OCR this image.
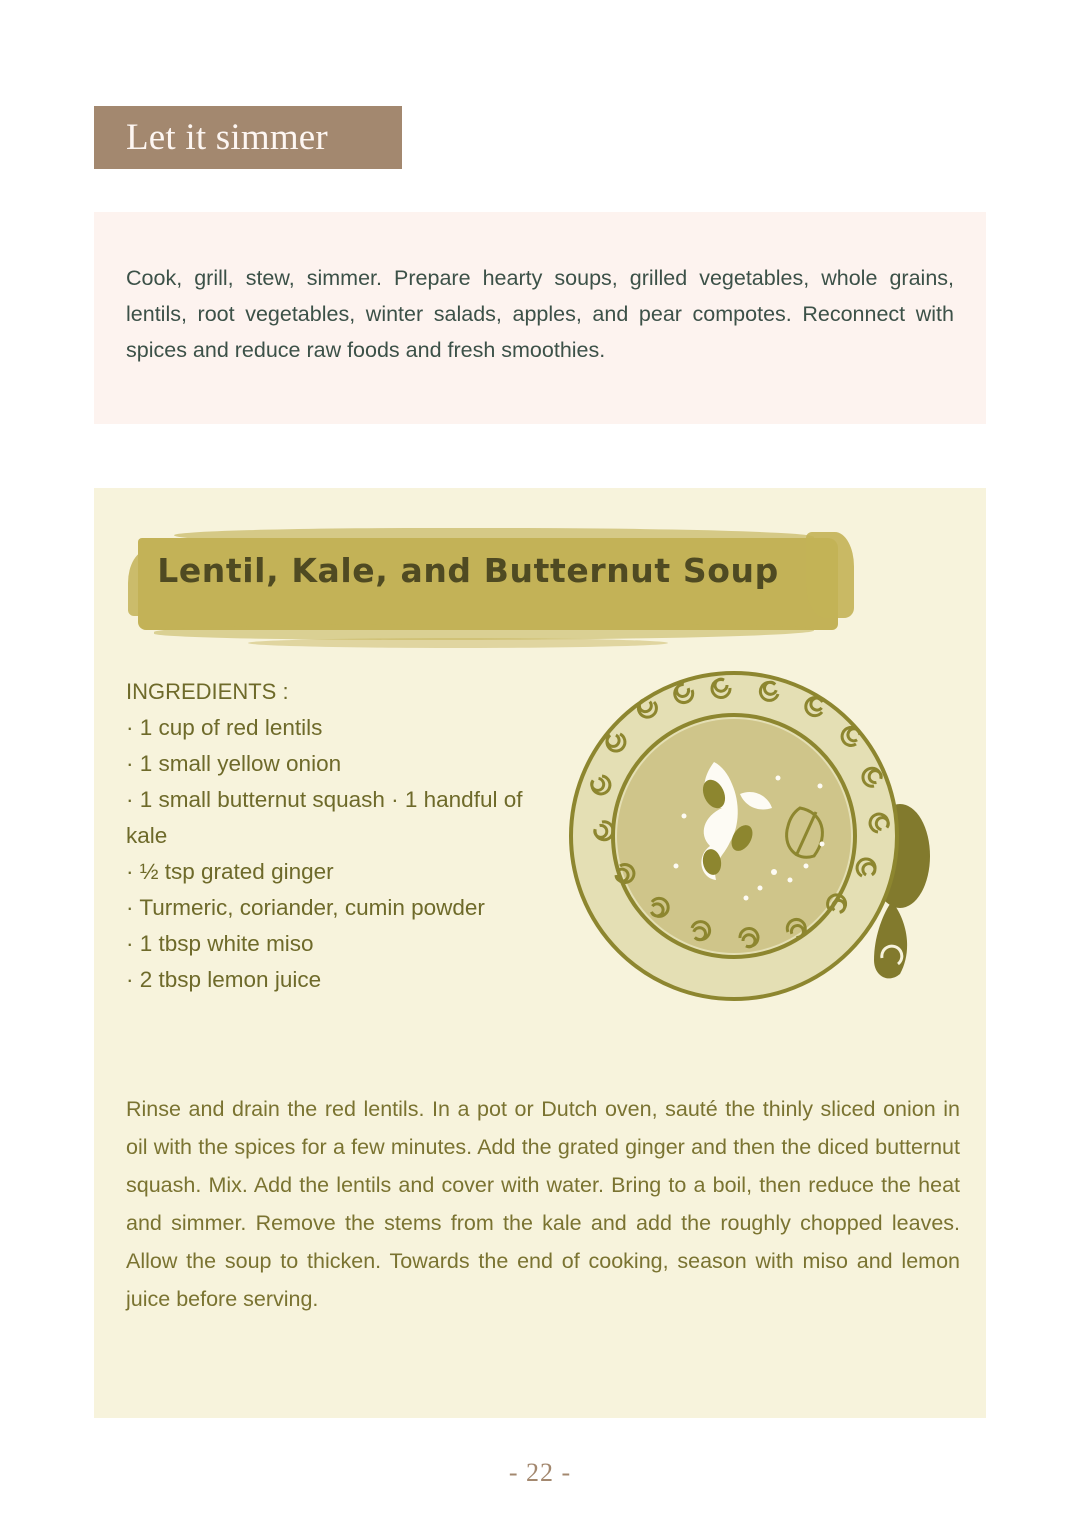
Let it simmer

Cook, grill, stew, simmer. Prepare hearty soups, grilled vegetables, whole grains, lentils, root vegetables, winter salads, apples, and pear compotes. Reconnect with spices and reduce raw foods and fresh smoothies.

Lentil, Kale, and Butternut Soup
INGREDIENTS :
· 1 cup of red lentils
· 1 small yellow onion
· 1 small butternut squash · 1 handful of kale
· ½ tsp grated ginger
· Turmeric, coriander, cumin powder
· 1 tbsp white miso
· 2 tbsp lemon juice

Rinse and drain the red lentils. In a pot or Dutch oven, sauté the thinly sliced onion in oil with the spices for a few minutes. Add the grated ginger and then the diced butternut squash. Mix. Add the lentils and cover with water. Bring to a boil, then reduce the heat and simmer. Remove the stems from the kale and add the roughly chopped leaves. Allow the soup to thicken. Towards the end of cooking, season with miso and lemon juice before serving.

- 22 -
